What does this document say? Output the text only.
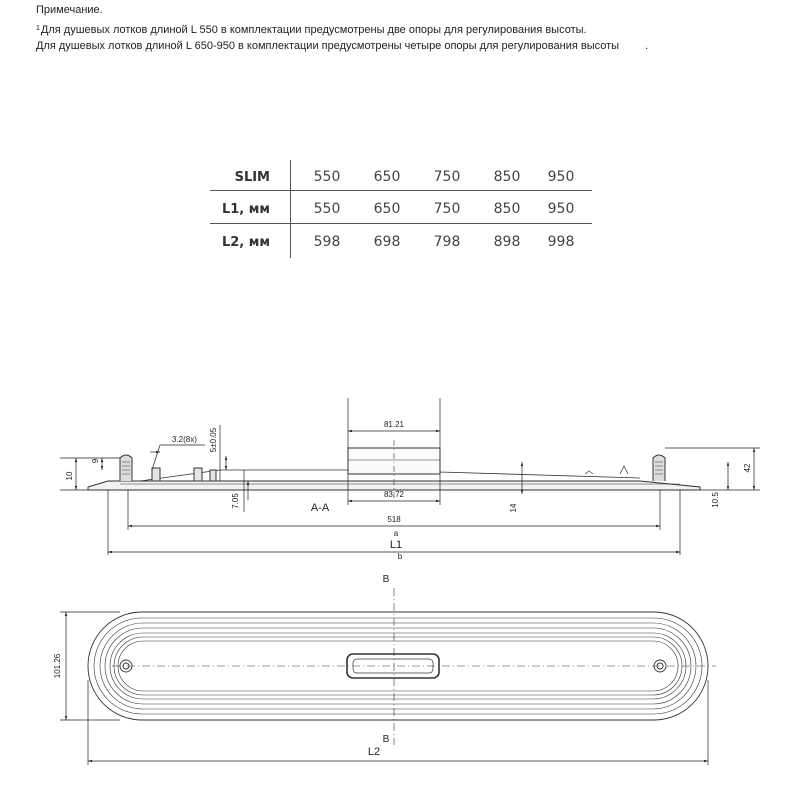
Примечание.
$^1$Для душевых лотков длиной L 550 в комплектации предусмотрены две опоры для регулирования высоты.
Для душевых лотков длиной L 650-950 в комплектации предусмотрены четыре опоры для регулирования высоты .
SLIM	550	650	750	850	950
L1, мм	550	650	750	850	950
L2, мм	598	698	798	898	998
81.21
83.72
518
3.2(8x) 5±0.05
10
9
7.05	14
42
10.5
a
b
A-A
L1
101.26
L2
B
B
